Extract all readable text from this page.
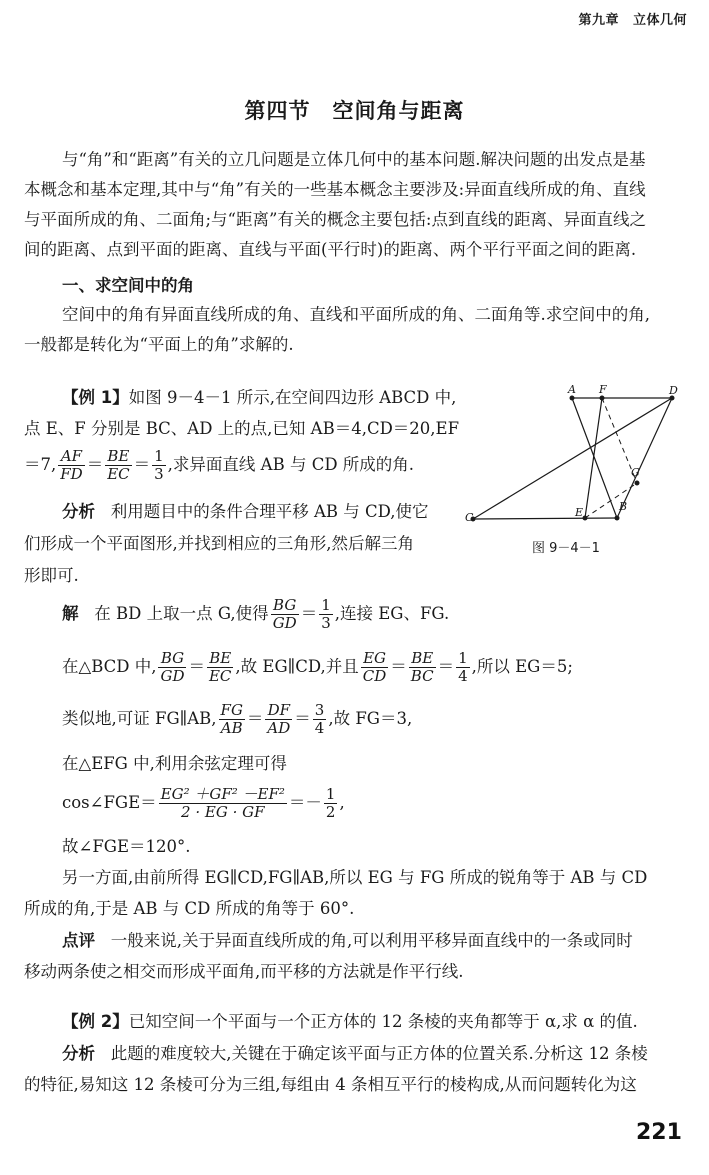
第九章 立体几何
第四节 空间角与距离
与“角”和“距离”有关的立几问题是立体几何中的基本问题.解决问题的出发点是基
本概念和基本定理,其中与“角”有关的一些基本概念主要涉及:异面直线所成的角、直线
与平面所成的角、二面角;与“距离”有关的概念主要包括:点到直线的距离、异面直线之
间的距离、点到平面的距离、直线与平面(平行时)的距离、两个平行平面之间的距离.
一、求空间中的角
空间中的角有异面直线所成的角、直线和平面所成的角、二面角等.求空间中的角,
一般都是转化为“平面上的角”求解的.
【例 1】如图 9－4－1 所示,在空间四边形 ABCD 中,
点 E、F 分别是 BC、AD 上的点,已知 AB＝4,CD＝20,EF
＝7, $\frac{AF}{FD} = \frac{BE}{EC} = \frac{1}{3}$ ,求异面直线 AB 与 CD 所成的角.
分析 利用题目中的条件合理平移 AB 与 CD,使它
们形成一个平面图形,并找到相应的三角形,然后解三角
形即可.
A F	D
G
C	E	B
图 9－4－1
解 在 BD 上取一点 G,使得 $\frac{BG}{GD} = \frac{1}{3}$ ,连接 EG、FG.
在△BCD 中, $\frac{BG}{GD} = \frac{BE}{EC}$ ,故 EG∥CD,并且 $\frac{EG}{CD} = \frac{BE}{BC} = \frac{1}{4}$ ,所以 EG＝5;
类似地,可证 FG∥AB, $\frac{FG}{AB} = \frac{DF}{AD} = \frac{3}{4}$ ,故 FG＝3,
在△EFG 中,利用余弦定理可得
cos∠FGE＝ $\frac{\text{EG² ＋GF² －EF²}}{2 \cdot EG \cdot GF} =- \frac{1}{2}$ ,
故∠FGE＝120°.
另一方面,由前所得 EG∥CD,FG∥AB,所以 EG 与 FG 所成的锐角等于 AB 与 CD
所成的角,于是 AB 与 CD 所成的角等于 60°.
点评 一般来说,关于异面直线所成的角,可以利用平移异面直线中的一条或同时
移动两条使之相交而形成平面角,而平移的方法就是作平行线.
【例 2】已知空间一个平面与一个正方体的 12 条棱的夹角都等于 α,求 α 的值.
分析 此题的难度较大,关键在于确定该平面与正方体的位置关系.分析这 12 条棱
的特征,易知这 12 条棱可分为三组,每组由 4 条相互平行的棱构成,从而问题转化为这
221
